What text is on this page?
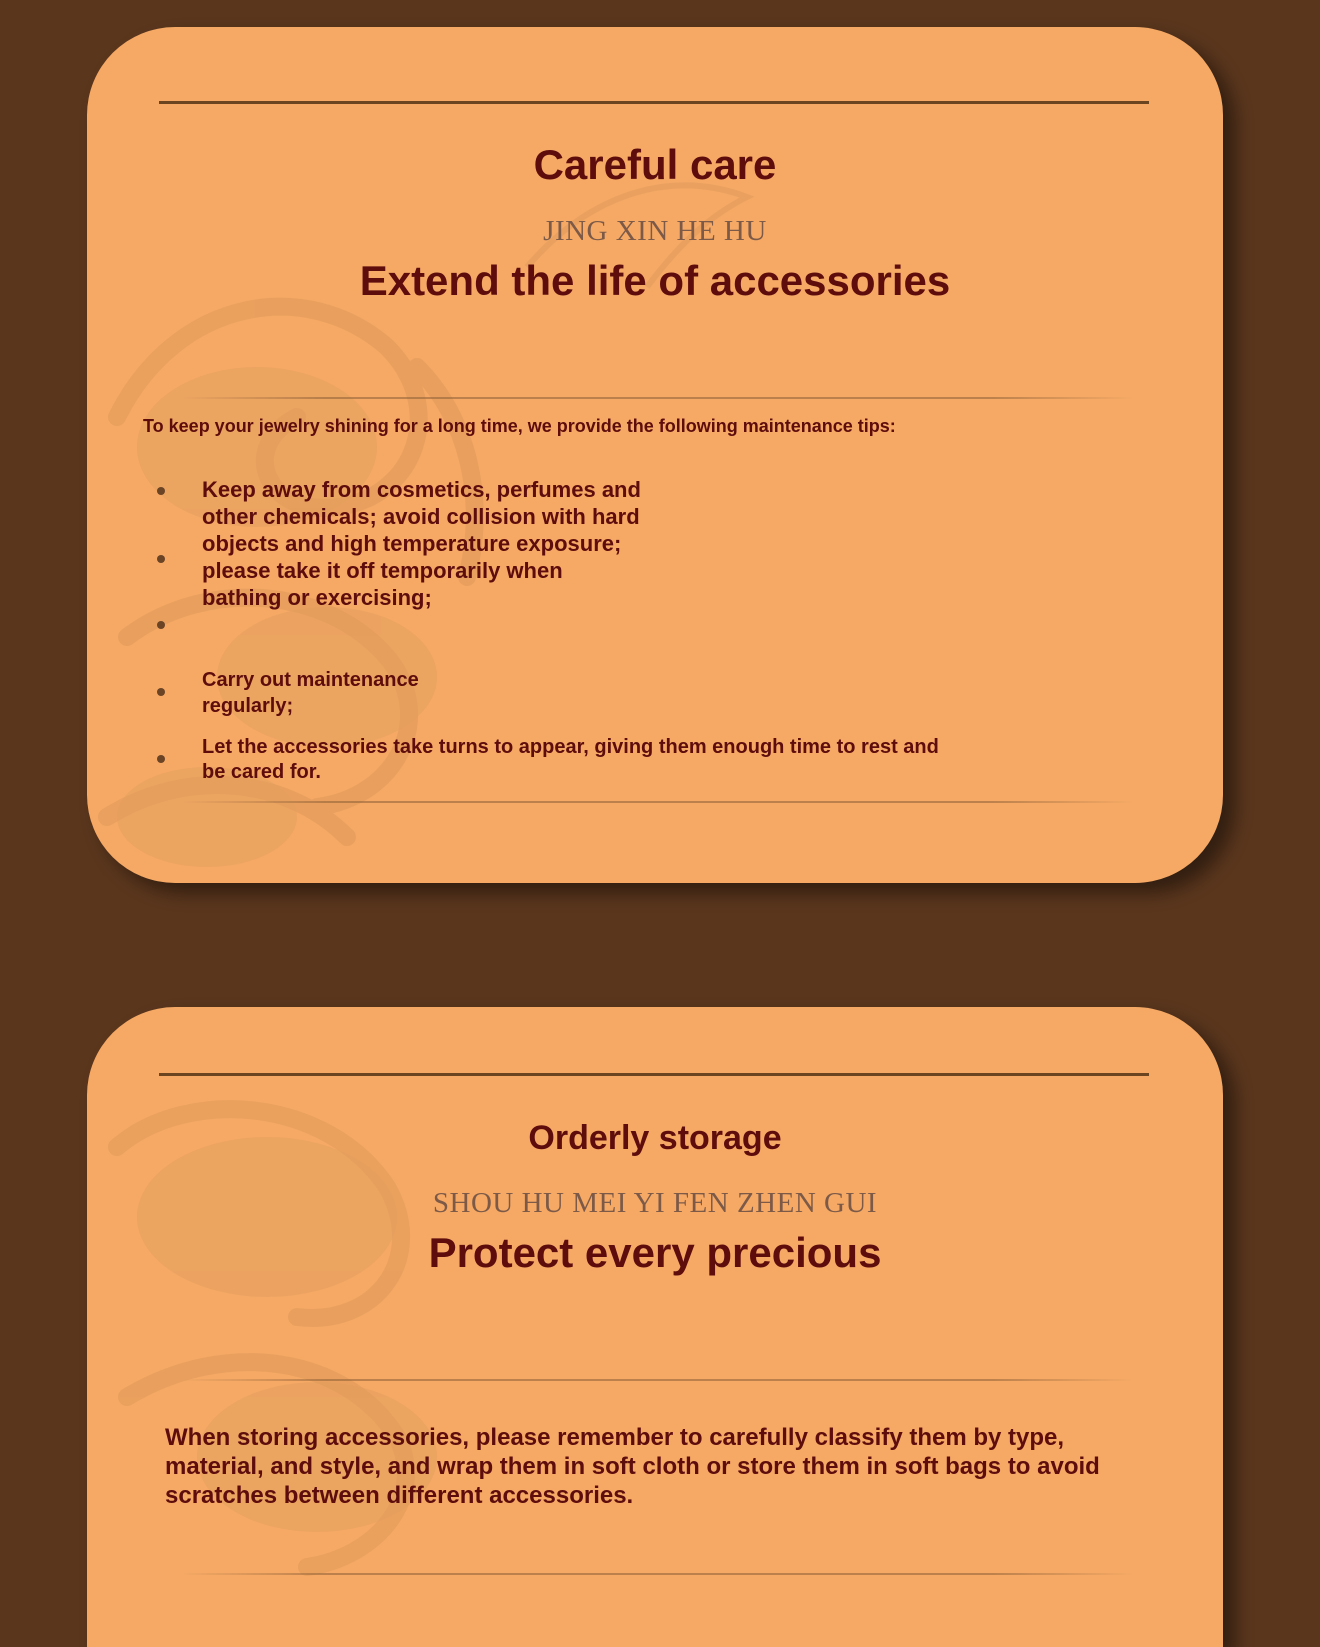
Careful care

JING XIN HE HU

Extend the life of accessories

To keep your jewelry shining for a long time, we provide the following maintenance tips:

Keep away from cosmetics, perfumes and other chemicals; avoid collision with hard objects and high temperature exposure; please take it off temporarily when bathing or exercising;

Carry out maintenance regularly;

Let the accessories take turns to appear, giving them enough time to rest and be cared for.

Orderly storage

SHOU HU MEI YI FEN ZHEN GUI

Protect every precious

When storing accessories, please remember to carefully classify them by type, material, and style, and wrap them in soft cloth or store them in soft bags to avoid scratches between different accessories.
